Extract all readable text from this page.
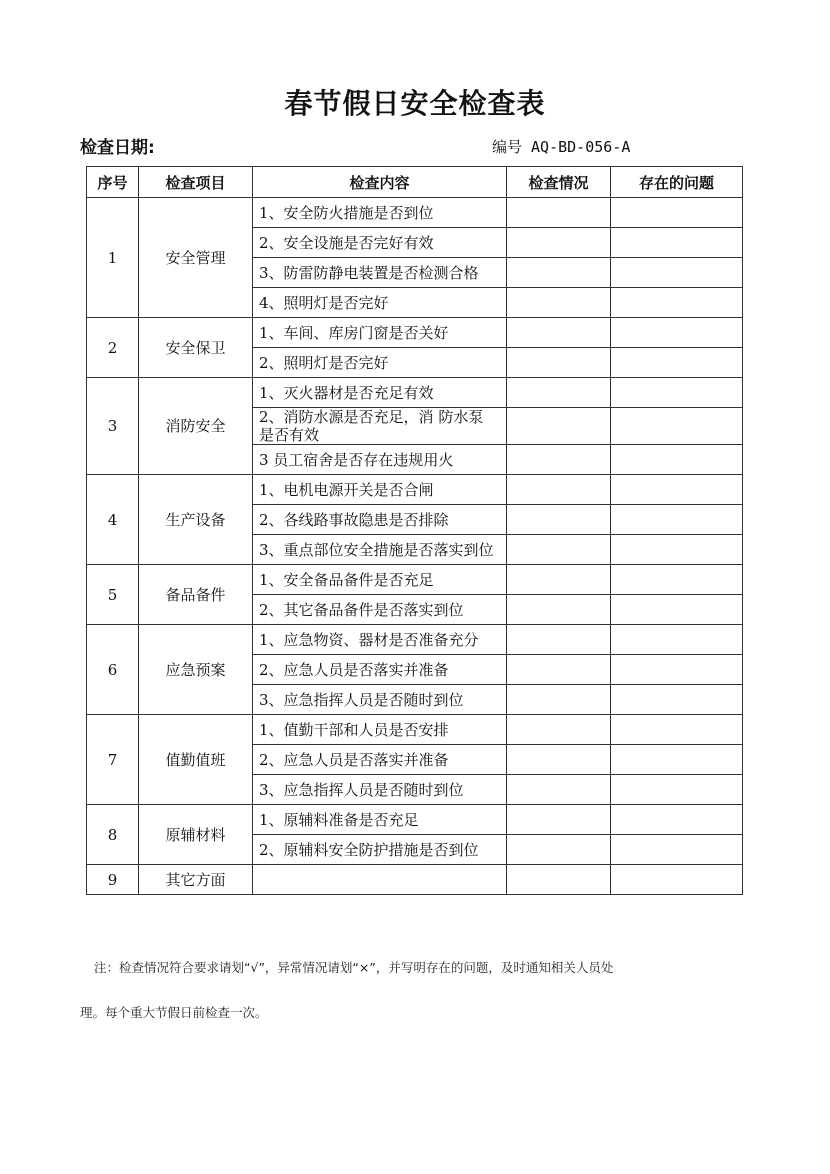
春节假日安全检查表
检查日期:	编号 AQ-BD-056-A
序号	检查项目	检查内容	检查情况	存在的问题
1	安全管理	1、安全防火措施是否到位		
		2、安全设施是否完好有效		
		3、防雷防静电装置是否检测合格		
		4、照明灯是否完好		
2	安全保卫	1、车间、库房门窗是否关好		
		2、照明灯是否完好		
3	消防安全	1、灭火器材是否充足有效		
		2、消防水源是否充足，消 防水泵
是否有效		
		3 员工宿舍是否存在违规用火		
4	生产设备	1、电机电源开关是否合闸		
		2、各线路事故隐患是否排除		
		3、重点部位安全措施是否落实到位		
5	备品备件	1、安全备品备件是否充足		
		2、其它备品备件是否落实到位		
6	应急预案	1、应急物资、器材是否准备充分		
		2、应急人员是否落实并准备		
		3、应急指挥人员是否随时到位		
7	值勤值班	1、值勤干部和人员是否安排		
		2、应急人员是否落实并准备		
		3、应急指挥人员是否随时到位		
8	原辅材料	1、原辅料准备是否充足		
		2、原辅料安全防护措施是否到位		
9	其它方面			
注：检查情况符合要求请划“√”，异常情况请划“×”，并写明存在的问题，及时通知相关人员处
理。每个重大节假日前检查一次。
